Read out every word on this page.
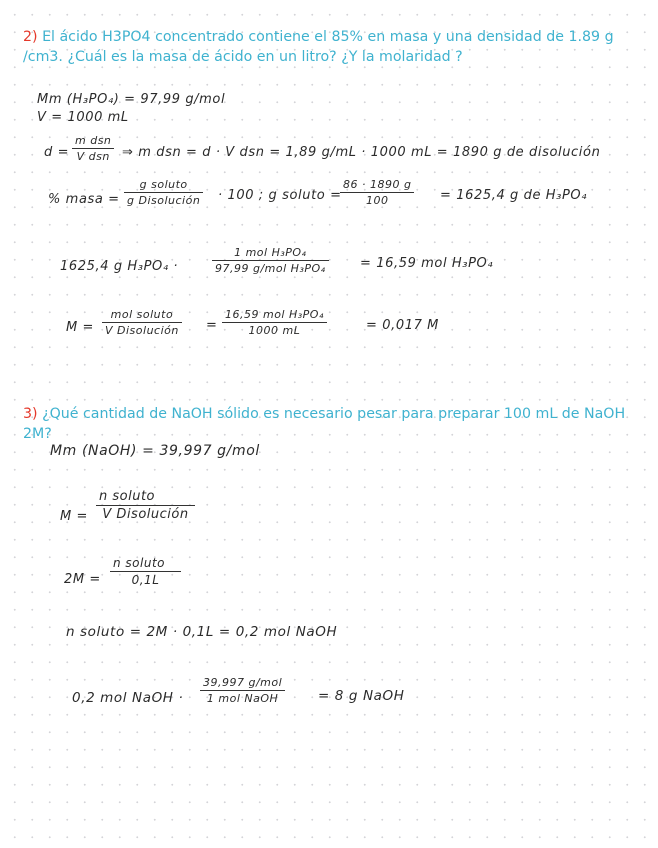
2) El ácido H3PO4 concentrado contiene el 85% en masa y una densidad de 1.89 g /cm3. ¿Cuál es la masa de ácido en un litro? ¿Y la molaridad ?
Mm (H₃PO₄) = 97,99 g/mol
V = 1000 mL
d =
m dsn
V dsn ⇒ m dsn = d · V dsn = 1,89 g/mL · 1000 mL = 1890 g de disolución
% masa =
g soluto
g Disolución · 100 ; g soluto =
$\frac{86 \cdot 1890 g}{100} = 1625,4$ g de H₃PO₄
1625,4 g H₃PO₄ ·
1 mol H₃PO₄
97,99 g/mol H₃PO₄	= 16,59 mol H₃PO₄
M =
mol soluto
V Disolución =
16,59 mol H₃PO₄
1000 mL	= 0,017 M
3) ¿Qué cantidad de NaOH sólido es necesario pesar para preparar 100 mL de NaOH 2M?
Mm (NaOH) = 39,997 g/mol
M =
n soluto
V Disolución
2M =
n soluto
0,1L
n soluto = 2M · 0,1L = 0,2 mol NaOH
0,2 mol NaOH ·
39,997 g/mol
1 mol NaOH	= 8 g NaOH
